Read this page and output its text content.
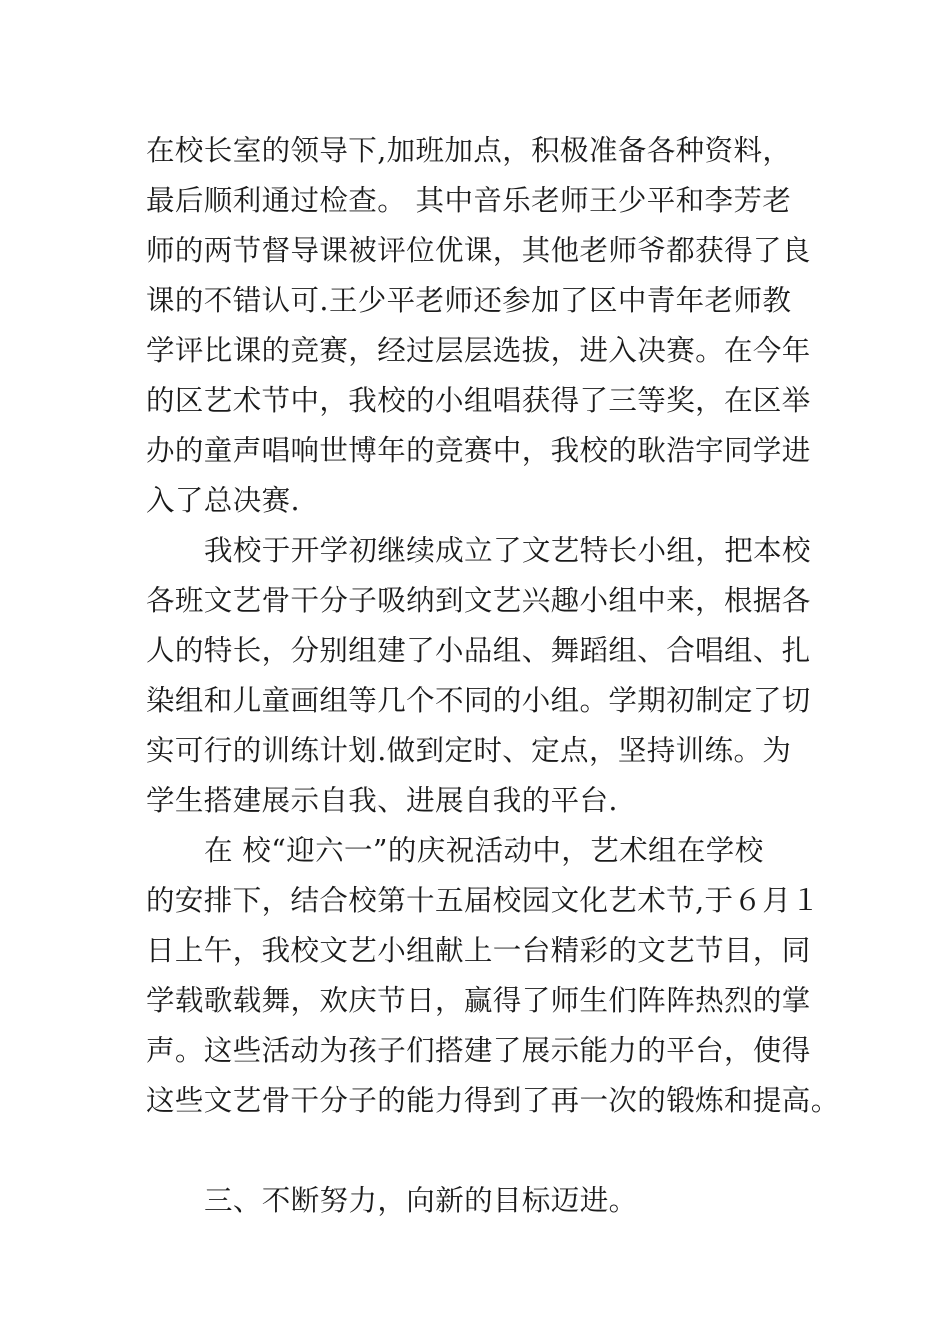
在校长室的领导下,加班加点，积极准备各种资料，
最后顺利通过检查。 其中音乐老师王少平和李芳老
师的两节督导课被评位优课，其他老师爷都获得了良
课的不错认可.王少平老师还参加了区中青年老师教
学评比课的竞赛，经过层层选拔，进入决赛。在今年
的区艺术节中，我校的小组唱获得了三等奖，在区举
办的童声唱响世博年的竞赛中，我校的耿浩宇同学进
入了总决赛.
我校于开学初继续成立了文艺特长小组，把本校
各班文艺骨干分子吸纳到文艺兴趣小组中来，根据各
人的特长，分别组建了小品组、舞蹈组、合唱组、扎
染组和儿童画组等几个不同的小组。学期初制定了切
实可行的训练计划.做到定时、定点，坚持训练。为
学生搭建展示自我、进展自我的平台.
在 校“迎六一”的庆祝活动中，艺术组在学校
的安排下，结合校第十五届校园文化艺术节,于６月１
日上午，我校文艺小组献上一台精彩的文艺节目，同
学载歌载舞，欢庆节日，赢得了师生们阵阵热烈的掌
声。这些活动为孩子们搭建了展示能力的平台，使得
这些文艺骨干分子的能力得到了再一次的锻炼和提高。
三、不断努力，向新的目标迈进。
